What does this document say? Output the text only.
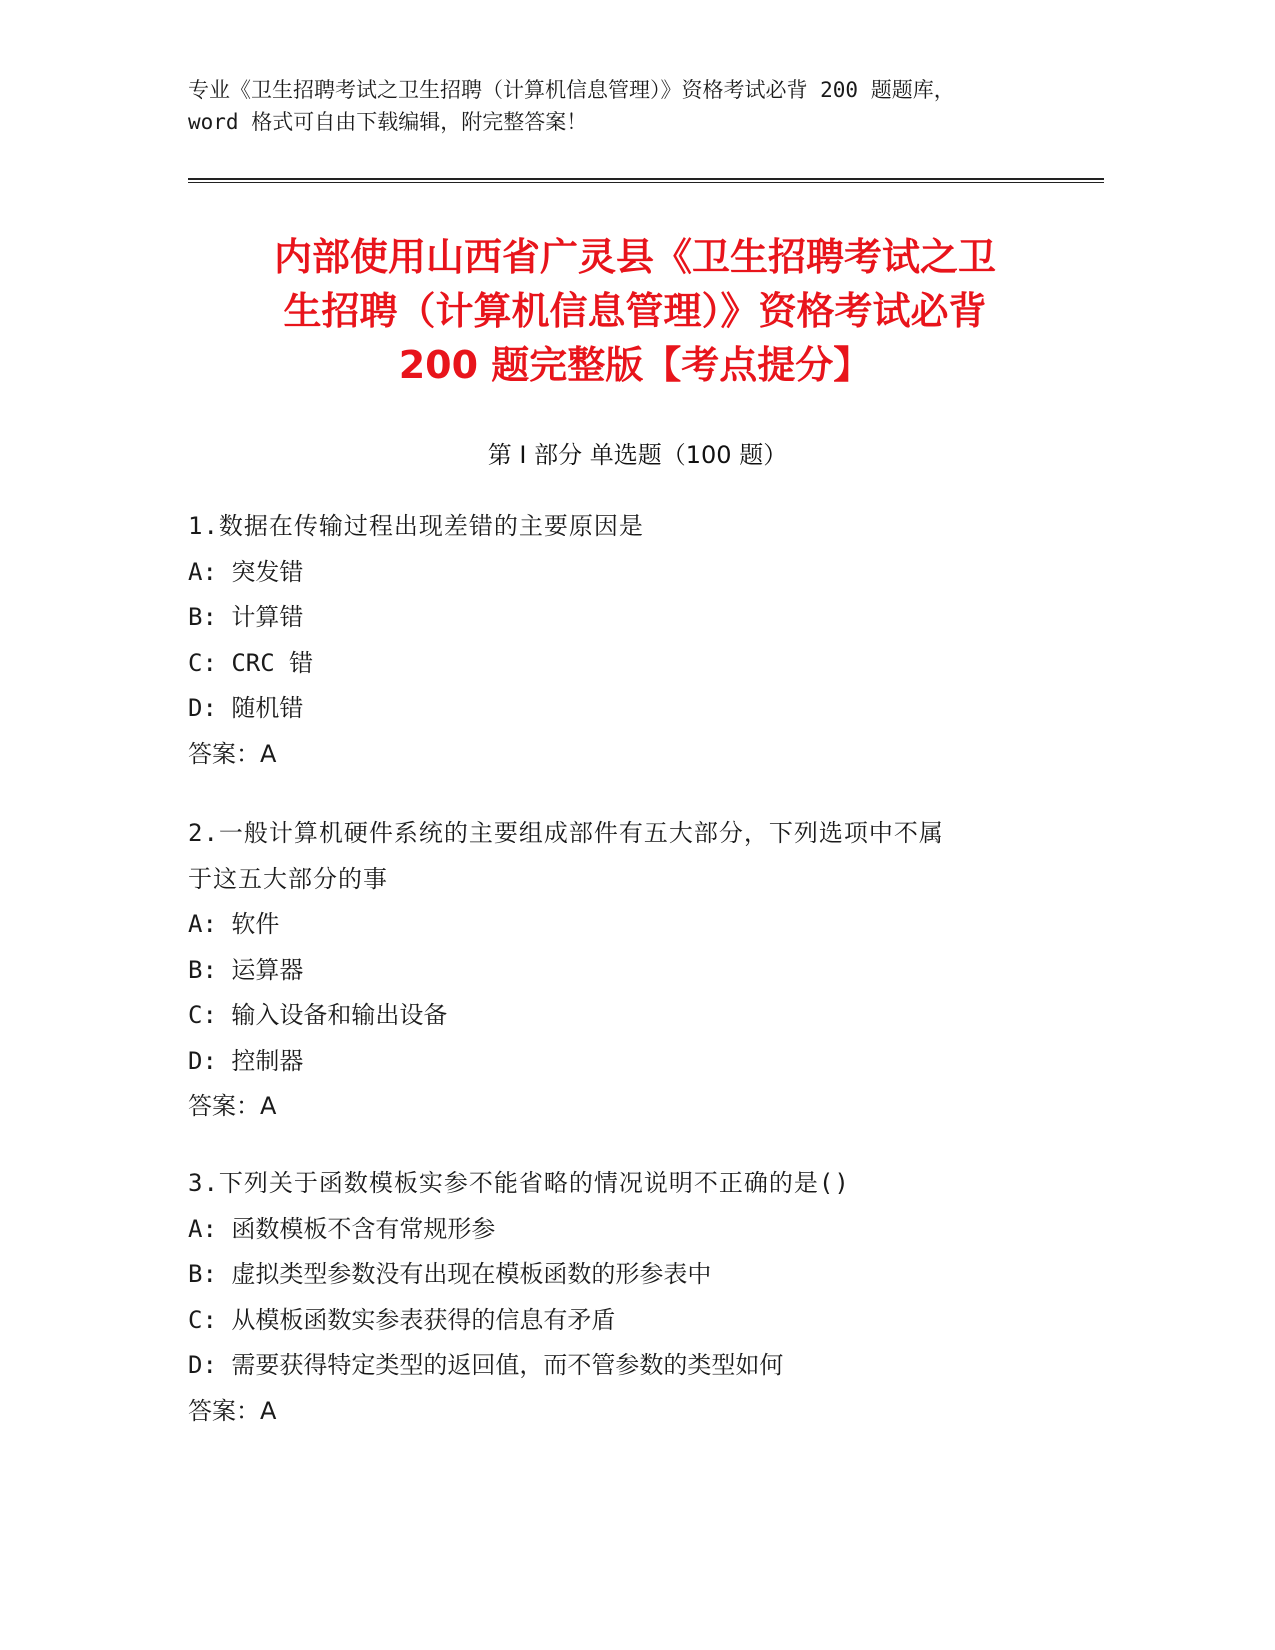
专业《卫生招聘考试之卫生招聘（计算机信息管理）》资格考试必背 200 题题库，
word 格式可自由下载编辑，附完整答案！
内部使用山西省广灵县《卫生招聘考试之卫
生招聘（计算机信息管理）》资格考试必背
200 题完整版【考点提分】
第 I 部分 单选题（100 题）
1.数据在传输过程出现差错的主要原因是
A: 突发错
B: 计算错
C: CRC 错
D: 随机错
答案：A
2.一般计算机硬件系统的主要组成部件有五大部分，下列选项中不属
于这五大部分的事
A: 软件
B: 运算器
C: 输入设备和输出设备
D: 控制器
答案：A
3.下列关于函数模板实参不能省略的情况说明不正确的是()
A: 函数模板不含有常规形参
B: 虚拟类型参数没有出现在模板函数的形参表中
C: 从模板函数实参表获得的信息有矛盾
D: 需要获得特定类型的返回值，而不管参数的类型如何
答案：A
